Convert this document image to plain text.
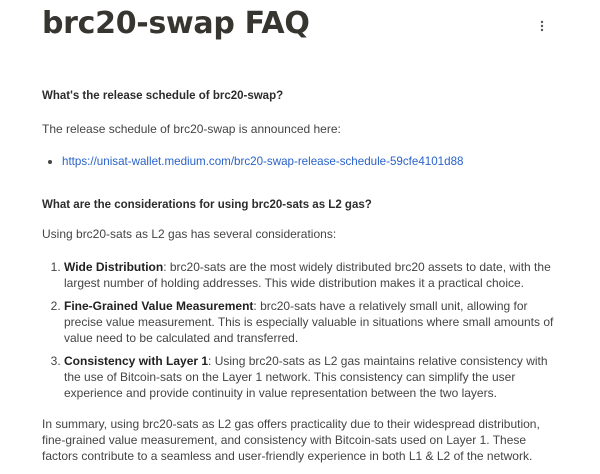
brc20-swap FAQ

What's the release schedule of brc20-swap?

The release schedule of brc20-swap is announced here:

• https://unisat-wallet.medium.com/brc20-swap-release-schedule-59cfe4101d88

What are the considerations for using brc20-sats as L2 gas?

Using brc20-sats as L2 gas has several considerations:

1. Wide Distribution: brc20-sats are the most widely distributed brc20 assets to date, with the largest number of holding addresses. This wide distribution makes it a practical choice.
2. Fine-Grained Value Measurement: brc20-sats have a relatively small unit, allowing for precise value measurement. This is especially valuable in situations where small amounts of value need to be calculated and transferred.
3. Consistency with Layer 1: Using brc20-sats as L2 gas maintains relative consistency with the use of Bitcoin-sats on the Layer 1 network. This consistency can simplify the user experience and provide continuity in value representation between the two layers.

In summary, using brc20-sats as L2 gas offers practicality due to their widespread distribution, fine-grained value measurement, and consistency with Bitcoin-sats used on Layer 1. These factors contribute to a seamless and user-friendly experience in both L1 & L2 of the network.
